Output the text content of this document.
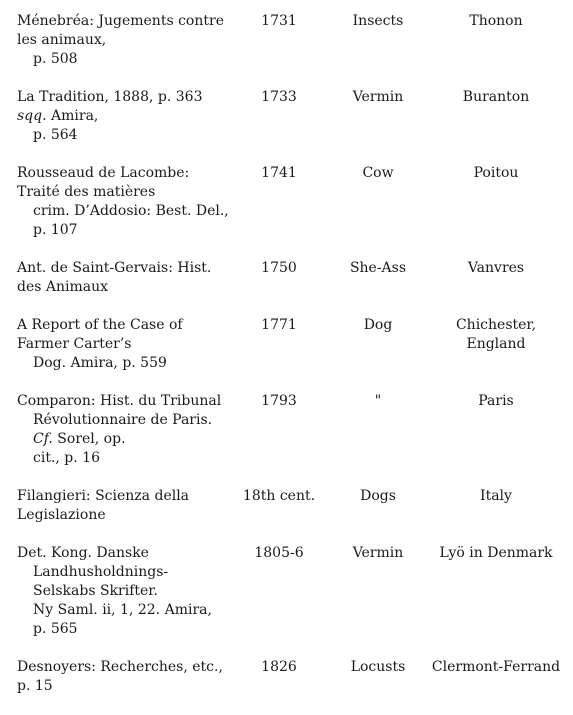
Ménebréa: Jugements contre les animaux,
p. 508	1731	Insects	Thonon

La Tradition, 1888, p. 363 sqq. Amira,
p. 564	1733	Vermin	Buranton

Rousseaud de Lacombe: Traité des matières
crim. D’Addosio: Best. Del., p. 107	1741	Cow	Poitou

Ant. de Saint-Gervais: Hist. des Animaux	1750	She-Ass	Vanvres

A Report of the Case of Farmer Carter’s
Dog. Amira, p. 559	1771	Dog	Chichester, England

Comparon: Hist. du Tribunal
Révolutionnaire de Paris. Cf. Sorel, op.
cit., p. 16	1793	"	Paris

Filangieri: Scienza della Legislazione	18th cent.	Dogs	Italy

Det. Kong. Danske
Landhusholdnings-Selskabs Skrifter.
Ny Saml. ii, 1, 22. Amira, p. 565	1805-6	Vermin	Lyö in Denmark

Desnoyers: Recherches, etc., p. 15	1826	Locusts	Clermont-Ferrand
